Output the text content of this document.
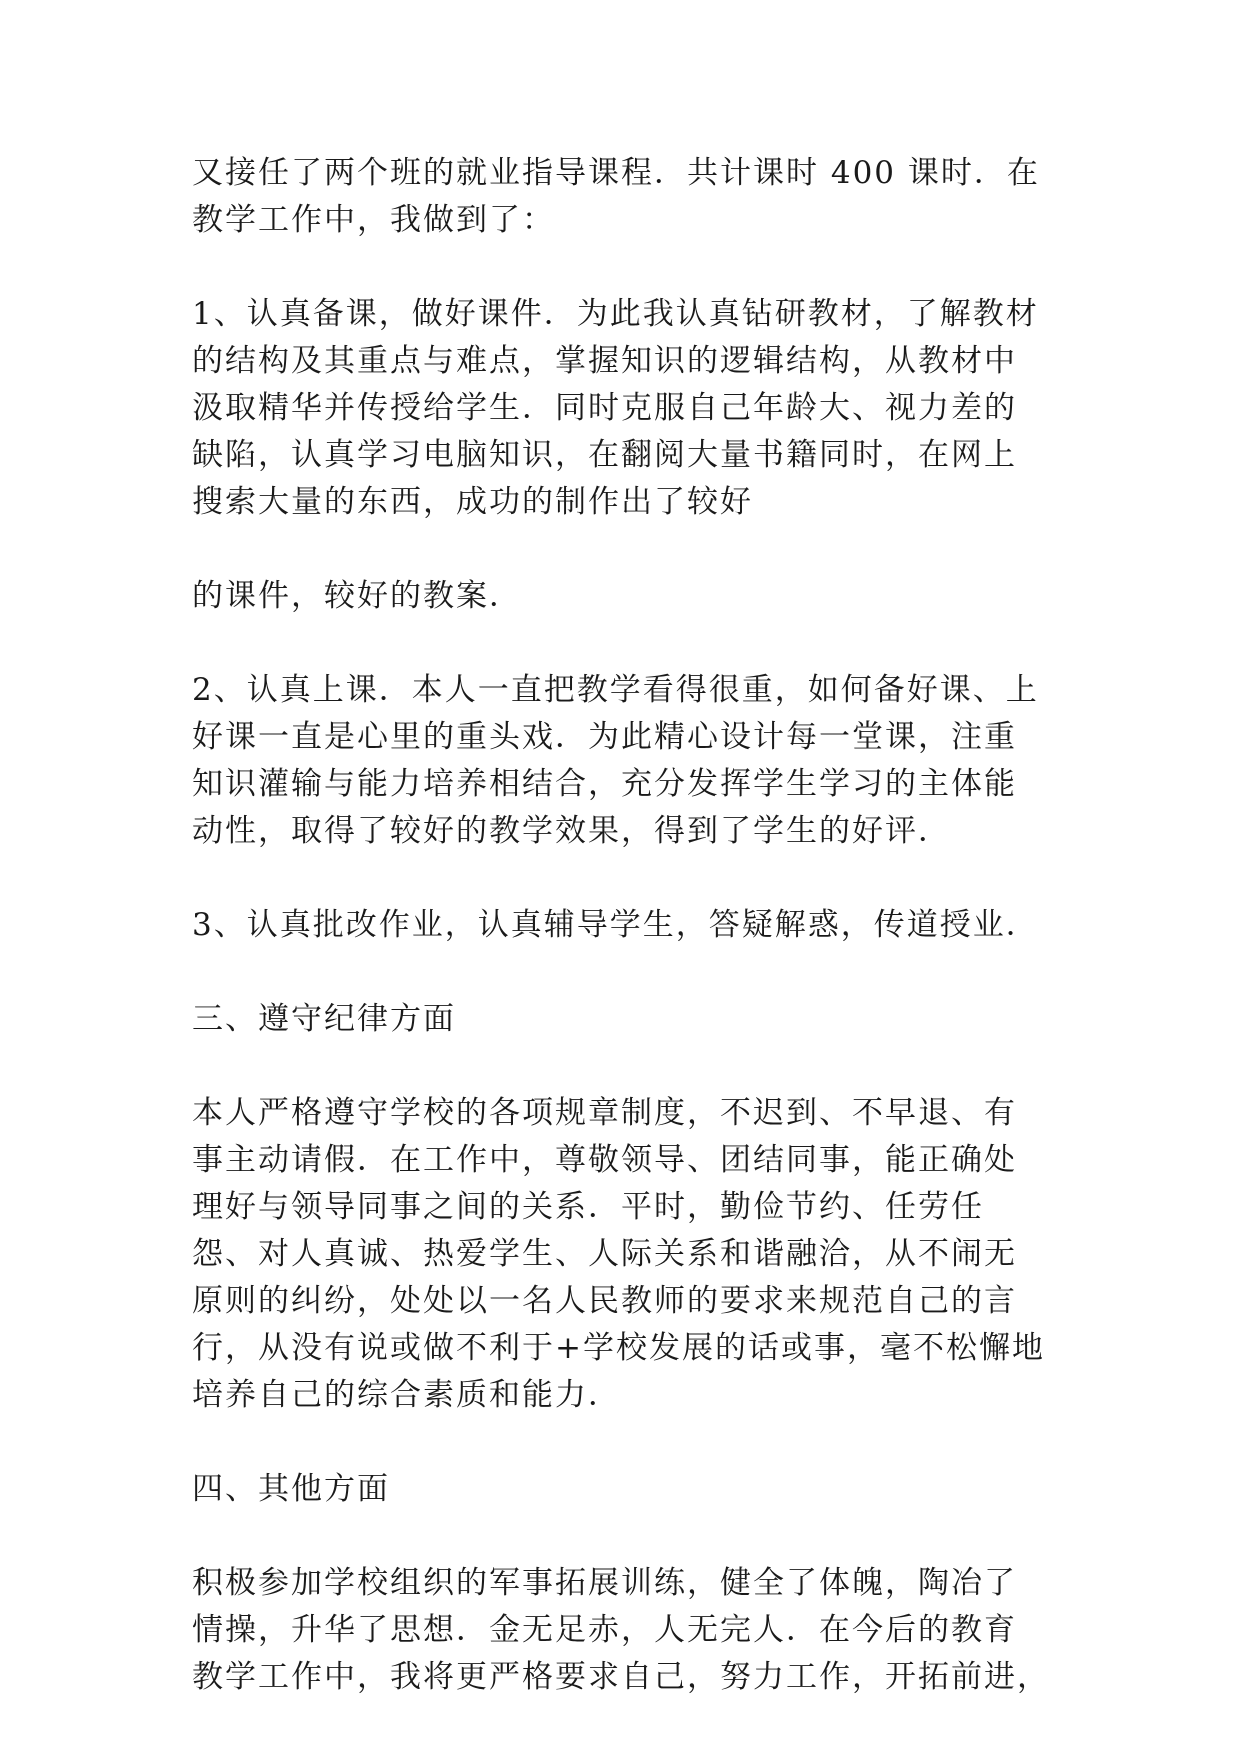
又接任了两个班的就业指导课程．共计课时 400 课时．在
教学工作中，我做到了：
1、认真备课，做好课件．为此我认真钻研教材，了解教材
的结构及其重点与难点，掌握知识的逻辑结构，从教材中
汲取精华并传授给学生．同时克服自己年龄大、视力差的
缺陷，认真学习电脑知识，在翻阅大量书籍同时，在网上
搜索大量的东西，成功的制作出了较好
的课件，较好的教案．
2、认真上课．本人一直把教学看得很重，如何备好课、上
好课一直是心里的重头戏．为此精心设计每一堂课，注重
知识灌输与能力培养相结合，充分发挥学生学习的主体能
动性，取得了较好的教学效果，得到了学生的好评．
3、认真批改作业，认真辅导学生，答疑解惑，传道授业．
三、遵守纪律方面
本人严格遵守学校的各项规章制度，不迟到、不早退、有
事主动请假．在工作中，尊敬领导、团结同事，能正确处
理好与领导同事之间的关系．平时，勤俭节约、任劳任
怨、对人真诚、热爱学生、人际关系和谐融洽，从不闹无
原则的纠纷，处处以一名人民教师的要求来规范自己的言
行，从没有说或做不利于+学校发展的话或事，毫不松懈地
培养自己的综合素质和能力．
四、其他方面
积极参加学校组织的军事拓展训练，健全了体魄，陶冶了
情操，升华了思想．金无足赤，人无完人．在今后的教育
教学工作中，我将更严格要求自己，努力工作，开拓前进，
